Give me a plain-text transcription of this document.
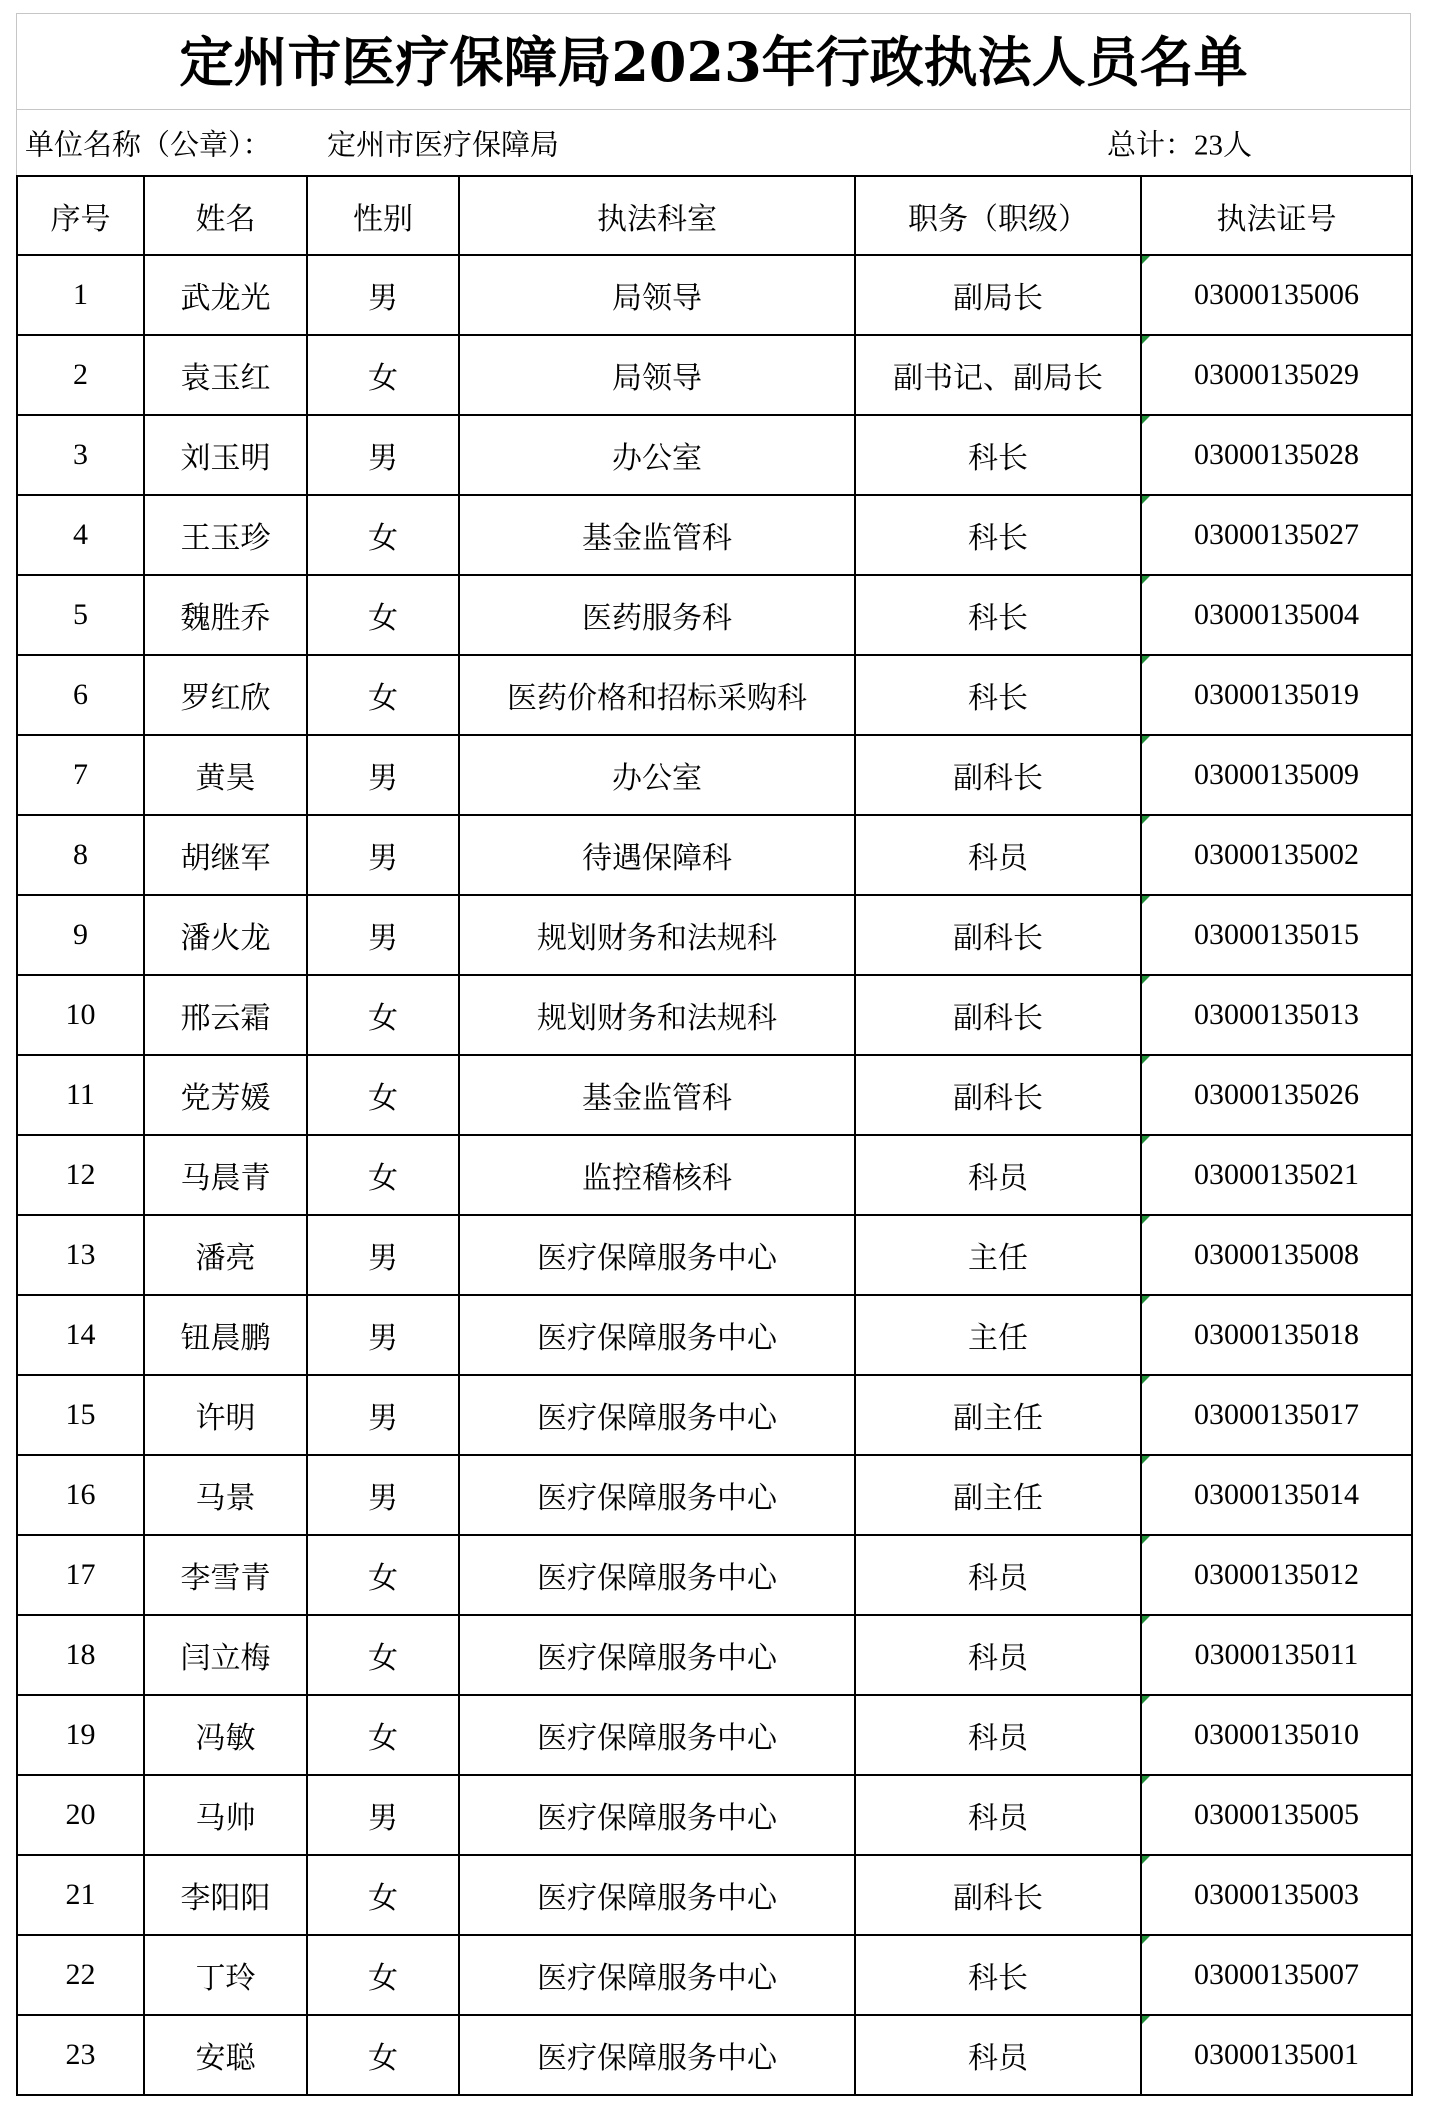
定州市医疗保障局2023年行政执法人员名单
单位名称（公章）： 定州市医疗保障局	总计：23人
序号	姓名	性别	执法科室	职务（职级）	执法证号
1	武龙光	男	局领导	副局长	03000135006
2	袁玉红	女	局领导	副书记、副局长	03000135029
3	刘玉明	男	办公室	科长	03000135028
4	王玉珍	女	基金监管科	科长	03000135027
5	魏胜乔	女	医药服务科	科长	03000135004
6	罗红欣	女	医药价格和招标采购科	科长	03000135019
7	黄昊	男	办公室	副科长	03000135009
8	胡继军	男	待遇保障科	科员	03000135002
9	潘火龙	男	规划财务和法规科	副科长	03000135015
10	邢云霜	女	规划财务和法规科	副科长	03000135013
11	党芳媛	女	基金监管科	副科长	03000135026
12	马晨青	女	监控稽核科	科员	03000135021
13	潘亮	男	医疗保障服务中心	主任	03000135008
14	钮晨鹏	男	医疗保障服务中心	主任	03000135018
15	许明	男	医疗保障服务中心	副主任	03000135017
16	马景	男	医疗保障服务中心	副主任	03000135014
17	李雪青	女	医疗保障服务中心	科员	03000135012
18	闫立梅	女	医疗保障服务中心	科员	03000135011
19	冯敏	女	医疗保障服务中心	科员	03000135010
20	马帅	男	医疗保障服务中心	科员	03000135005
21	李阳阳	女	医疗保障服务中心	副科长	03000135003
22	丁玲	女	医疗保障服务中心	科长	03000135007
23	安聪	女	医疗保障服务中心	科员	03000135001
